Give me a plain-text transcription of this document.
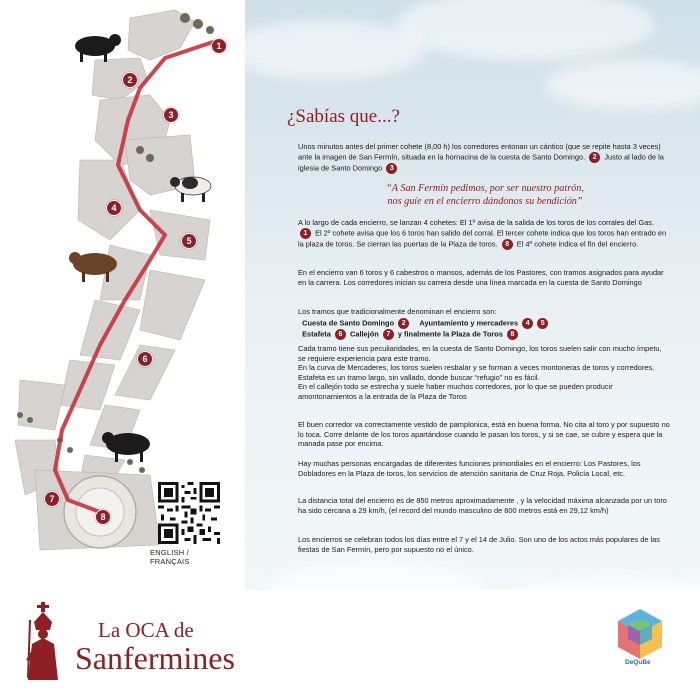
1
2
3
4
5
6
7
8
ENGLISH / FRANÇAIS
¿Sabías que...?
Unos minutos antes del primer cohete (8,00 h) los corredores entonan un cántico (que se repite hasta 3 veces) ante la imagen de San Fermín, situada en la hornacina de la cuesta de Santo Domingo. 2 Justo al lado de la iglesia de Santo Domingo 3
“A San Fermín pedimos, por ser nuestro patrón,
nos guíe en el encierro dándonos su bendición”
A lo largo de cada encierro, se lanzan 4 cohetes: El 1º avisa de la salida de los toros de los corrales del Gas. 1 El 2º cohete avisa que los 6 toros han salido del corral. El tercer cohete indica que los toros han entrado en la plaza de toros. Se cierran las puertas de la Plaza de toros. 8 El 4º cohete indica el fin del encierro.
En el encierro van 6 toros y 6 cabestros o mansos, además de los Pastores, con tramos asignados para ayudar en la carrera. Los corredores inician su carrera desde una línea marcada en la cuesta de Santo Domingo
Los tramos que tradicionalmente denominan el encierro son:
Cuesta de Santo Domingo 2 Ayuntamiento y mercaderes 4 5
Estafeta 6 Callejón 7 y finalmente la Plaza de Toros 8

Cada tramo tiene sus peculiaridades, en la cuesta de Santo Domingo, los toros suelen salir con mucho ímpetu, se requiere experiencia para este tramo.

En la curva de Mercaderes, los toros suelen resbalar y se forman a veces montoneras de toros y corredores,

Estafeta es un tramo largo, sin vallado, donde buscar “refugio” no es fácil.

En el callejón todo se estrecha y suele haber muchos corredores, por lo que se pueden producir amontonamientos a la entrada de la Plaza de Toros

El buen corredor va correctamente vestido de pamplonica, está en buena forma. No cita al toro y por supuesto no lo toca. Corre delante de los toros apartándose cuando le pasan los toros, y si se cae, se cubre y espera que la manada pase por encima.
Hay muchas personas encargadas de diferentes funciones primordiales en el encierro: Los Pastores, los Dobladores en la Plaza de toros, los servicios de atención sanitaria de Cruz Roja, Policía Local, etc.
La distancia total del encierro es de 850 metros aproximadamente , y la velocidad máxima alcanzada por un toro ha sido cercana a 29 km/h, (el record del mundo masculino de 800 metros está en 29,12 km/h)
Los encierros se celebran todos los días entre el 7 y el 14 de Julio. Son uno de los actos más populares de las fiestas de San Fermín, pero por supuesto no el único.
La OCA de
Sanfermines	DeQuBe
